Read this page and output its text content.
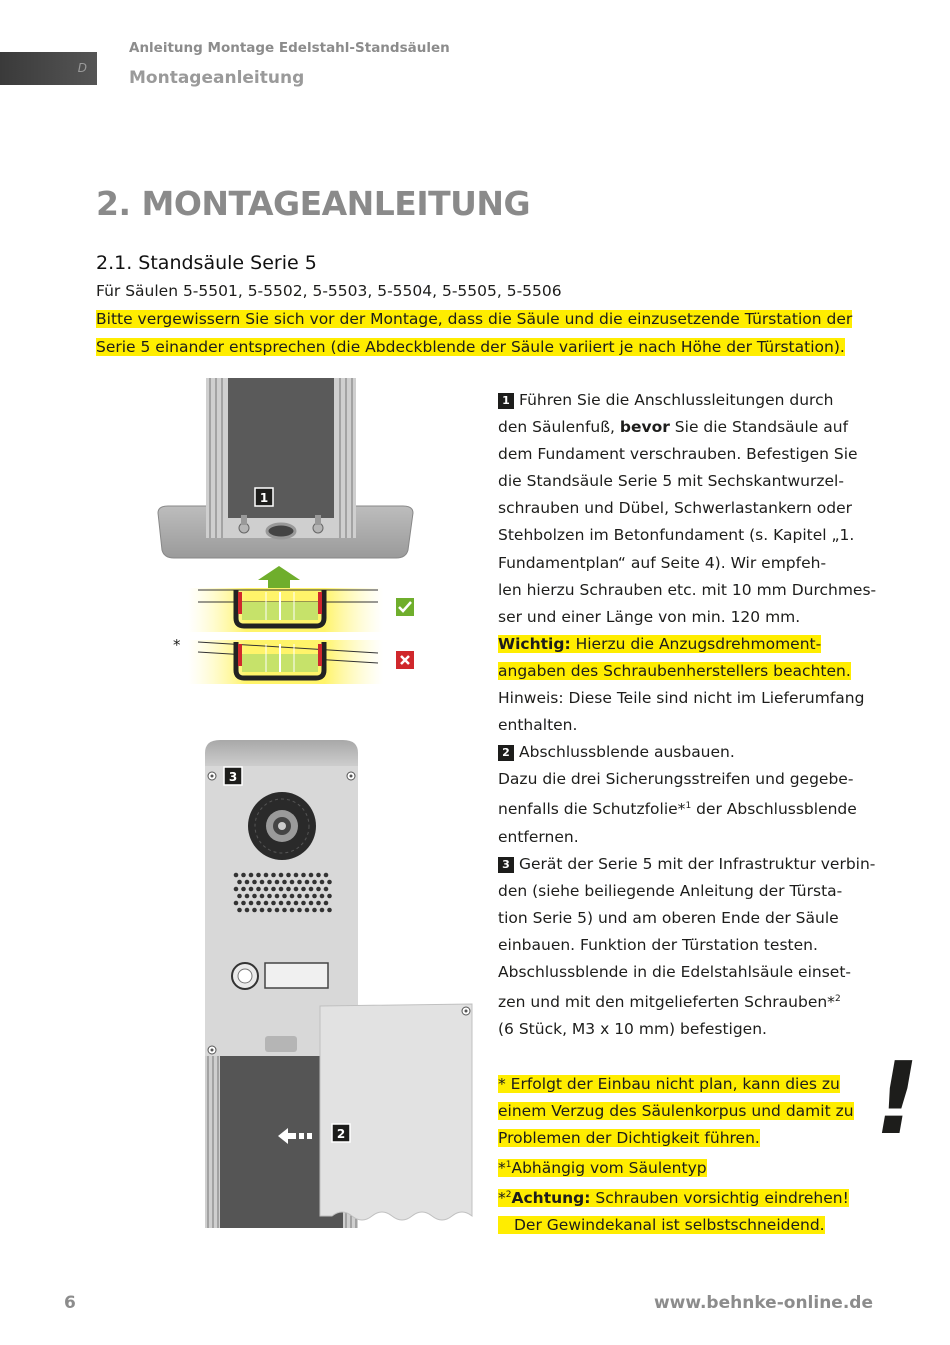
D
Anleitung Montage Edelstahl-Standsäulen
Montageanleitung
2. MONTAGEANLEITUNG
2.1. Standsäule Serie 5
Für Säulen 5-5501, 5-5502, 5-5503, 5-5504, 5-5505, 5-5506
Bitte vergewissern Sie sich vor der Montage, dass die Säule und die einzusetzende Türstation der
Serie 5 einander entsprechen (die Abdeckblende der Säule variiert je nach Höhe der Türstation).
1
*
3
2

1 Führen Sie die Anschlussleitungen durch

den Säulenfuß, bevor Sie die Standsäule auf

dem Fundament verschrauben. Befestigen Sie

die Standsäule Serie 5 mit Sechskantwurzel-

schrauben und Dübel, Schwerlastankern oder

Stehbolzen im Betonfundament (s. Kapitel „1.

Fundamentplan“ auf Seite 4). Wir empfeh-

len hierzu Schrauben etc. mit 10 mm Durchmes-

ser und einer Länge von min. 120 mm.

Wichtig: Hierzu die Anzugsdrehmoment-

angaben des Schraubenherstellers beachten.

Hinweis: Diese Teile sind nicht im Lieferumfang

enthalten.

2 Abschlussblende ausbauen.

Dazu die drei Sicherungsstreifen und gegebe-

nenfalls die Schutzfolie*$^1$ der Abschlussblende

entfernen.

3 Gerät der Serie 5 mit der Infrastruktur verbin-

den (siehe beiliegende Anleitung der Türsta-

tion Serie 5) und am oberen Ende der Säule

einbauen. Funktion der Türstation testen.

Abschlussblende in die Edelstahlsäule einset-

zen und mit den mitgelieferten Schrauben*$^2$

(6 Stück, M3 x 10 mm) befestigen.

* Erfolgt der Einbau nicht plan, kann dies zu

einem Verzug des Säulenkorpus und damit zu

Problemen der Dichtigkeit führen.

*$^1$Abhängig vom Säulentyp

*$^2$Achtung: Schrauben vorsichtig eindrehen!

Der Gewindekanal ist selbstschneidend.

!
6	www.behnke-online.de
